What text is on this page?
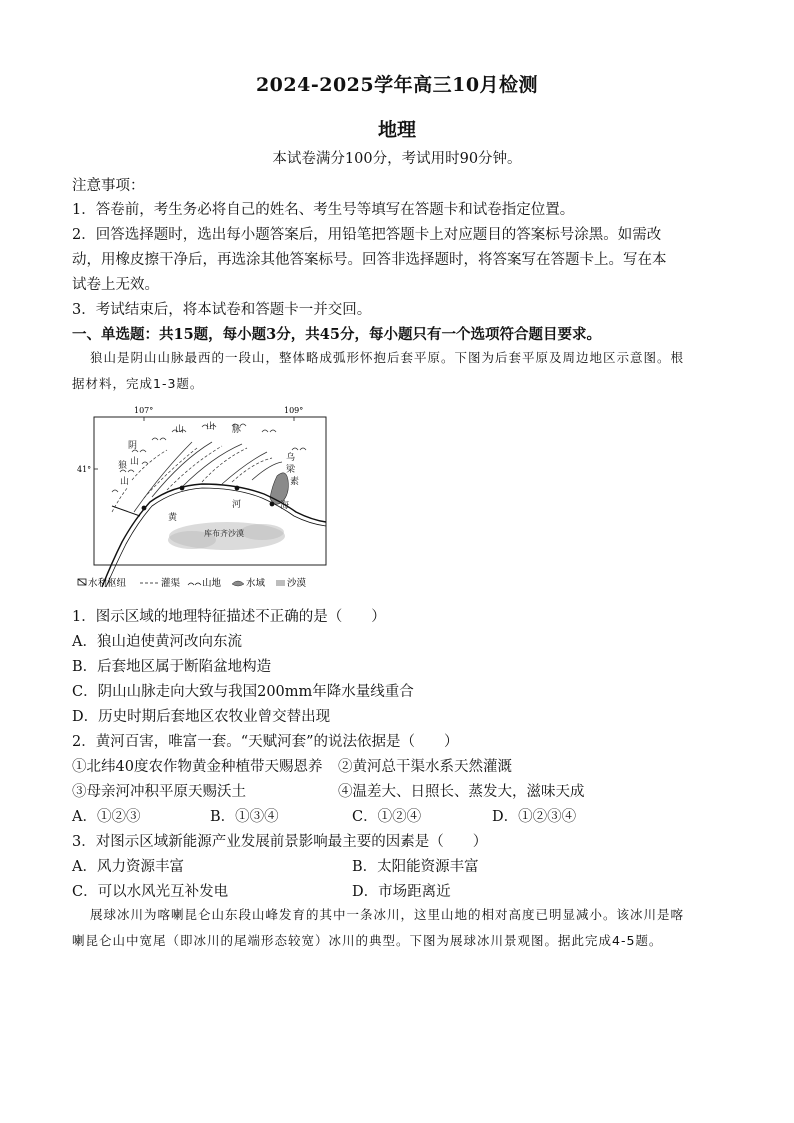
2024-2025学年高三10月检测
地理
本试卷满分100分，考试用时90分钟。
注意事项：
1．答卷前，考生务必将自己的姓名、考生号等填写在答题卡和试卷指定位置。
2．回答选择题时，选出每小题答案后，用铅笔把答题卡上对应题目的答案标号涂黑。如需改
动，用橡皮擦干净后，再选涂其他答案标号。回答非选择题时，将答案写在答题卡上。写在本
试卷上无效。
3．考试结束后，将本试卷和答题卡一并交回。
一、单选题：共15题，每小题3分，共45分，每小题只有一个选项符合题目要求。
狼山是阴山山脉最西的一段山，整体略成弧形怀抱后套平原。下图为后套平原及周边地区示意图。根
据材料，完成1-3题。
107°	109°
41°
山 山 脉
阴
山
狼
山
乌
梁
素
海
黄
河
库布齐沙漠
水利枢纽	灌渠 山地	水域 沙漠
1．图示区域的地理特征描述不正确的是（　　）
A．狼山迫使黄河改向东流
B．后套地区属于断陷盆地构造
C．阴山山脉走向大致与我国200mm年降水量线重合
D．历史时期后套地区农牧业曾交替出现
2．黄河百害，唯富一套。“天赋河套”的说法依据是（　　）
①北纬40度农作物黄金种植带天赐恩养 ②黄河总干渠水系天然灌溉
③母亲河冲积平原天赐沃土	④温差大、日照长、蒸发大，滋味天成
A．①②③	B．①③④	C．①②④	D．①②③④
3．对图示区域新能源产业发展前景影响最主要的因素是（　　）
A．风力资源丰富	B．太阳能资源丰富
C．可以水风光互补发电	D．市场距离近
展球冰川为喀喇昆仑山东段山峰发育的其中一条冰川，这里山地的相对高度已明显减小。该冰川是喀
喇昆仑山中宽尾（即冰川的尾端形态较宽）冰川的典型。下图为展球冰川景观图。据此完成4-5题。
